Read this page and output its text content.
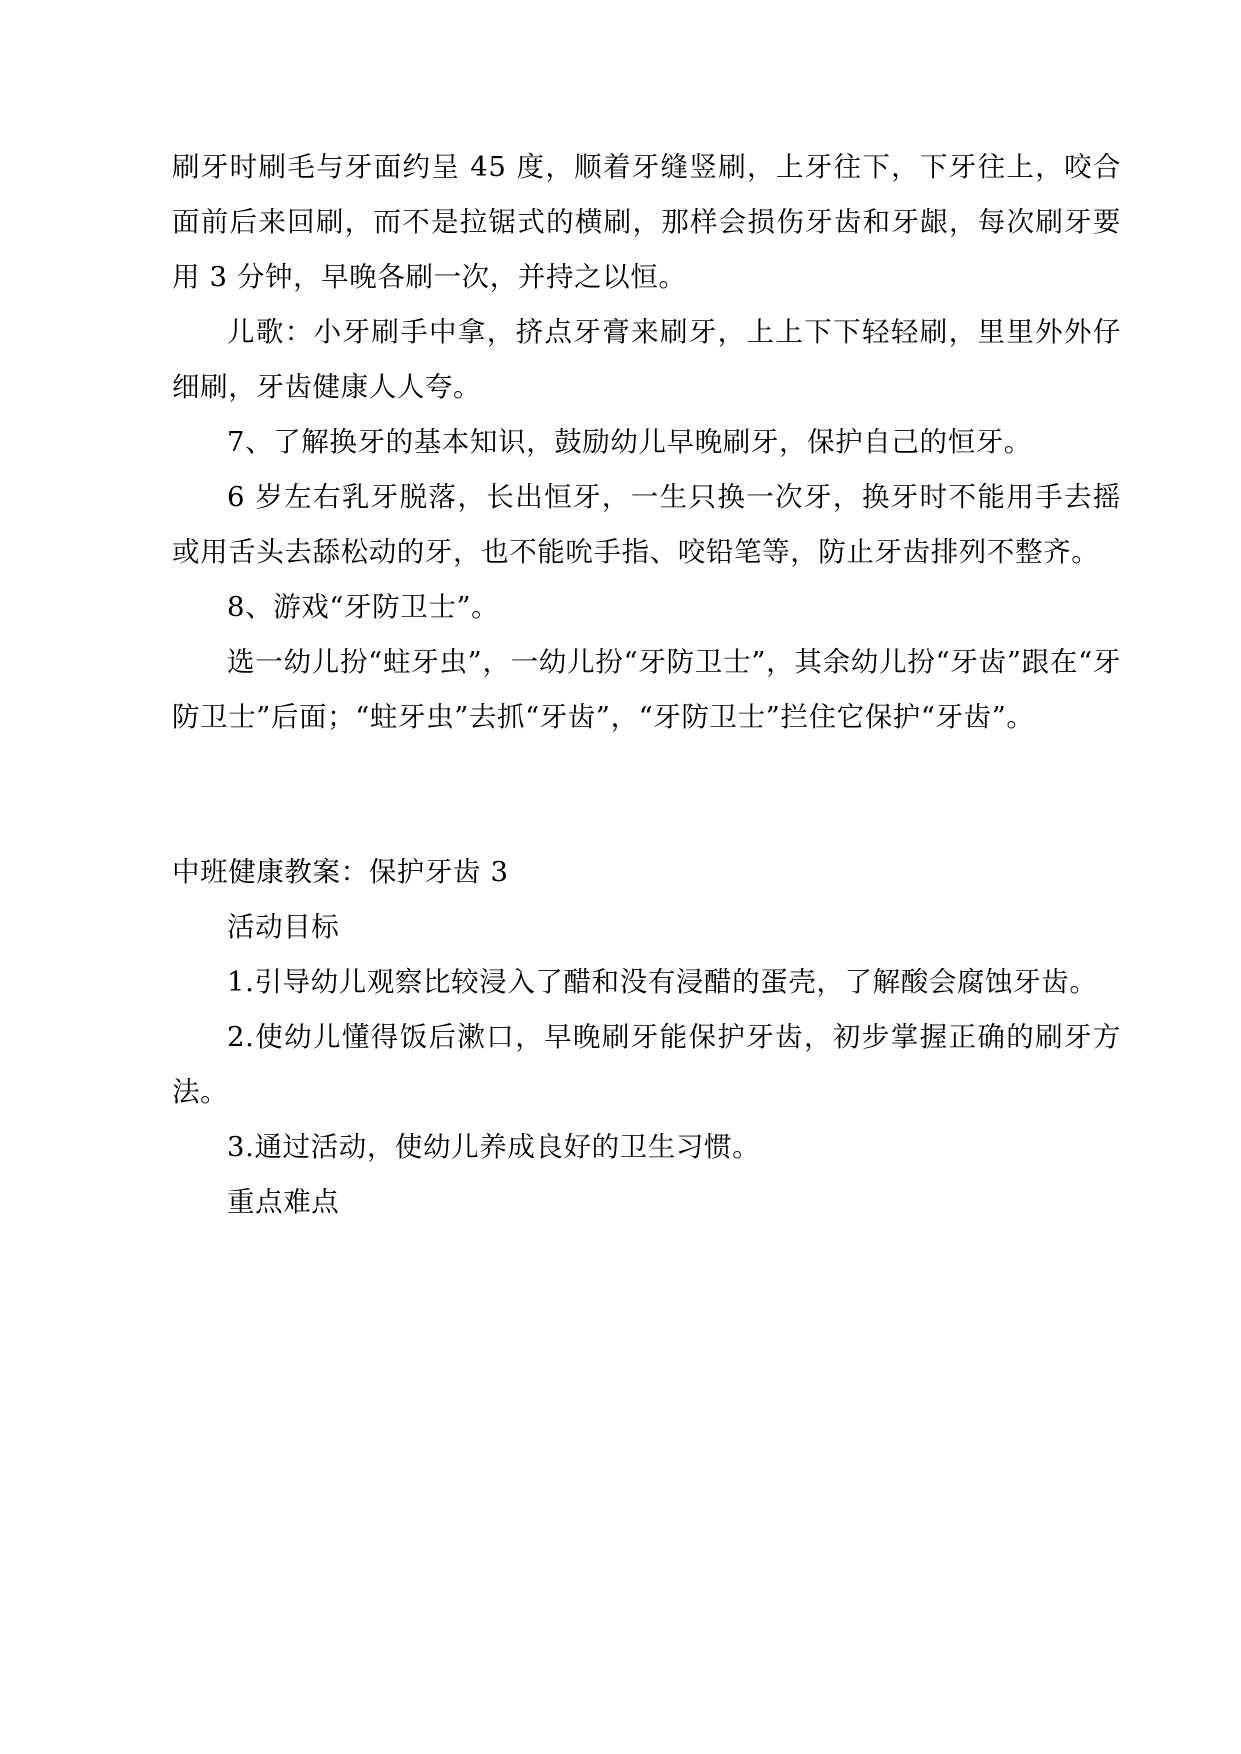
刷牙时刷毛与牙面约呈 45 度，顺着牙缝竖刷，上牙往下，下牙往上，咬合面前后来回刷，而不是拉锯式的横刷，那样会损伤牙齿和牙龈，每次刷牙要用 3 分钟，早晚各刷一次，并持之以恒。

儿歌：小牙刷手中拿，挤点牙膏来刷牙，上上下下轻轻刷，里里外外仔细刷，牙齿健康人人夸。

7、了解换牙的基本知识，鼓励幼儿早晚刷牙，保护自己的恒牙。

6 岁左右乳牙脱落，长出恒牙，一生只换一次牙，换牙时不能用手去摇或用舌头去舔松动的牙，也不能吮手指、咬铅笔等，防止牙齿排列不整齐。

8、游戏“牙防卫士”。

选一幼儿扮“蛀牙虫”，一幼儿扮“牙防卫士”，其余幼儿扮“牙齿”跟在“牙防卫士”后面；“蛀牙虫”去抓“牙齿”，“牙防卫士”拦住它保护“牙齿”。

中班健康教案：保护牙齿 3

活动目标

1.引导幼儿观察比较浸入了醋和没有浸醋的蛋壳，了解酸会腐蚀牙齿。

2.使幼儿懂得饭后漱口，早晚刷牙能保护牙齿，初步掌握正确的刷牙方法。

3.通过活动，使幼儿养成良好的卫生习惯。

重点难点
